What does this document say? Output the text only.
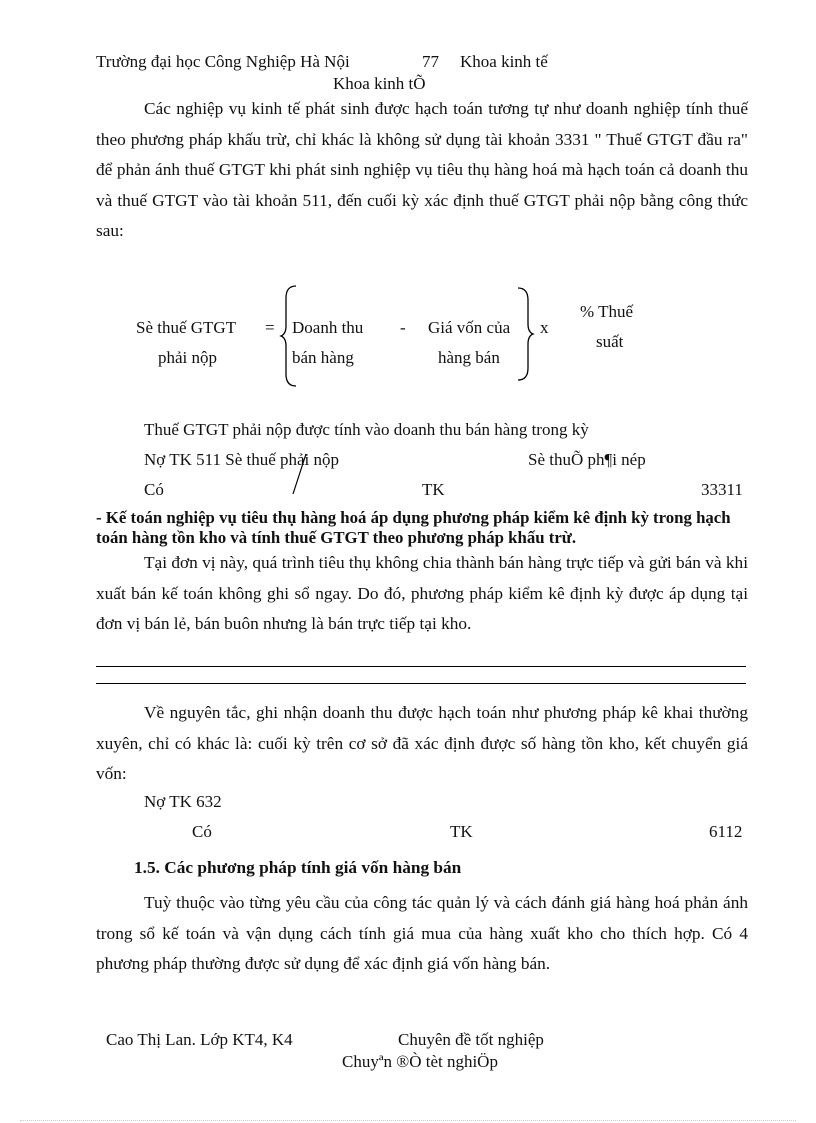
Trường đại học Công Nghiệp Hà Nội	77 Khoa kinh tế
Khoa kinh tÕ
Các nghiệp vụ kinh tế phát sinh được hạch toán tương tự như doanh nghiệp tính thuế theo phương pháp khấu trừ, chỉ khác là không sử dụng tài khoản 3331 " Thuế GTGT đầu ra" để phản ánh thuế GTGT khi phát sinh nghiệp vụ tiêu thụ hàng hoá mà hạch toán cả doanh thu và thuế GTGT vào tài khoản 511, đến cuối kỳ xác định thuế GTGT phải nộp bằng công thức sau:
Sè thuế GTGT
phải nộp
= Doanh thu
bán hàng
- Giá vốn của
hàng bán
x
% Thuế
suất
Thuế GTGT phải nộp được tính vào doanh thu bán hàng trong kỳ
Nợ TK 511 Sè thuế phải nộp	Sè thuÕ ph¶i nép
Có	TK	33311
- Kế toán nghiệp vụ tiêu thụ hàng hoá áp dụng phương pháp kiểm kê định kỳ trong hạch toán hàng tồn kho và tính thuế GTGT theo phương pháp khấu trừ.
Tại đơn vị này, quá trình tiêu thụ không chia thành bán hàng trực tiếp và gửi bán và khi xuất bán kế toán không ghi sổ ngay. Do đó, phương pháp kiểm kê định kỳ được áp dụng tại đơn vị bán lẻ, bán buôn nhưng là bán trực tiếp tại kho.
Về nguyên tắc, ghi nhận doanh thu được hạch toán như phương pháp kê khai thường xuyên, chỉ có khác là: cuối kỳ trên cơ sở đã xác định được số hàng tồn kho, kết chuyển giá vốn:
Nợ TK 632
Có	TK	6112
1.5. Các phương pháp tính giá vốn hàng bán
Tuỳ thuộc vào từng yêu cầu của công tác quản lý và cách đánh giá hàng hoá phản ánh trong sổ kế toán và vận dụng cách tính giá mua của hàng xuất kho cho thích hợp. Có 4 phương pháp thường được sử dụng để xác định giá vốn hàng bán.
Cao Thị Lan. Lớp KT4, K4	Chuyên đề tốt nghiệp
Chuyªn ®Ò tèt nghiÖp
